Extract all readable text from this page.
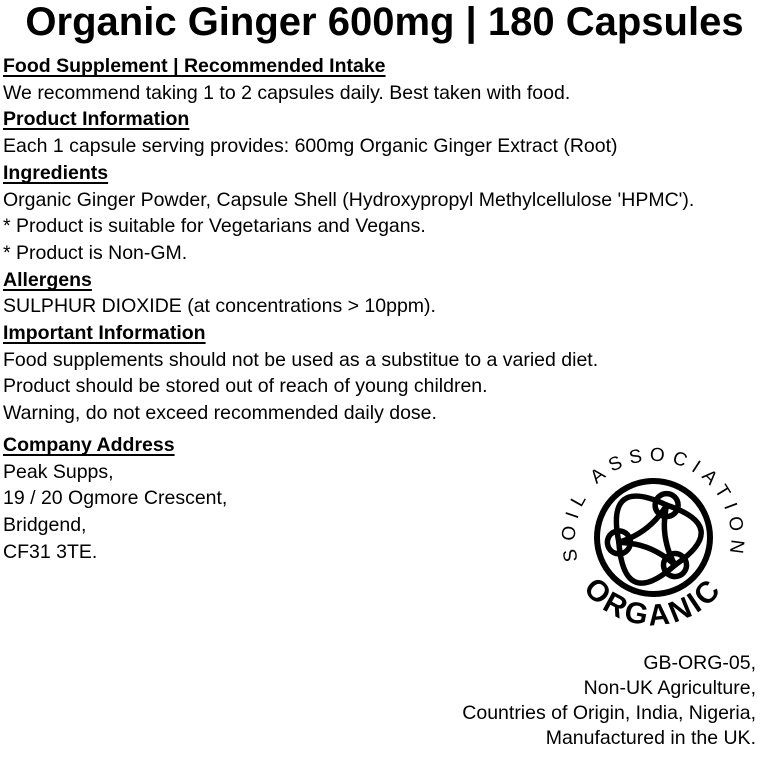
Organic Ginger 600mg | 180 Capsules
Food Supplement | Recommended Intake
We recommend taking 1 to 2 capsules daily. Best taken with food.
Product Information
Each 1 capsule serving provides: 600mg Organic Ginger Extract (Root)
Ingredients
Organic Ginger Powder, Capsule Shell (Hydroxypropyl Methylcellulose 'HPMC').
* Product is suitable for Vegetarians and Vegans.
* Product is Non-GM.
Allergens
SULPHUR DIOXIDE (at concentrations > 10ppm).
Important Information
Food supplements should not be used as a substitue to a varied diet.
Product should be stored out of reach of young children.
Warning, do not exceed recommended daily dose.
Company Address
Peak Supps,
19 / 20 Ogmore Crescent,
Bridgend,
CF31 3TE.	SOIL ASSOCIATION
ORGANIC
GB-ORG-05,
Non-UK Agriculture,
Countries of Origin, India, Nigeria,
Manufactured in the UK.
